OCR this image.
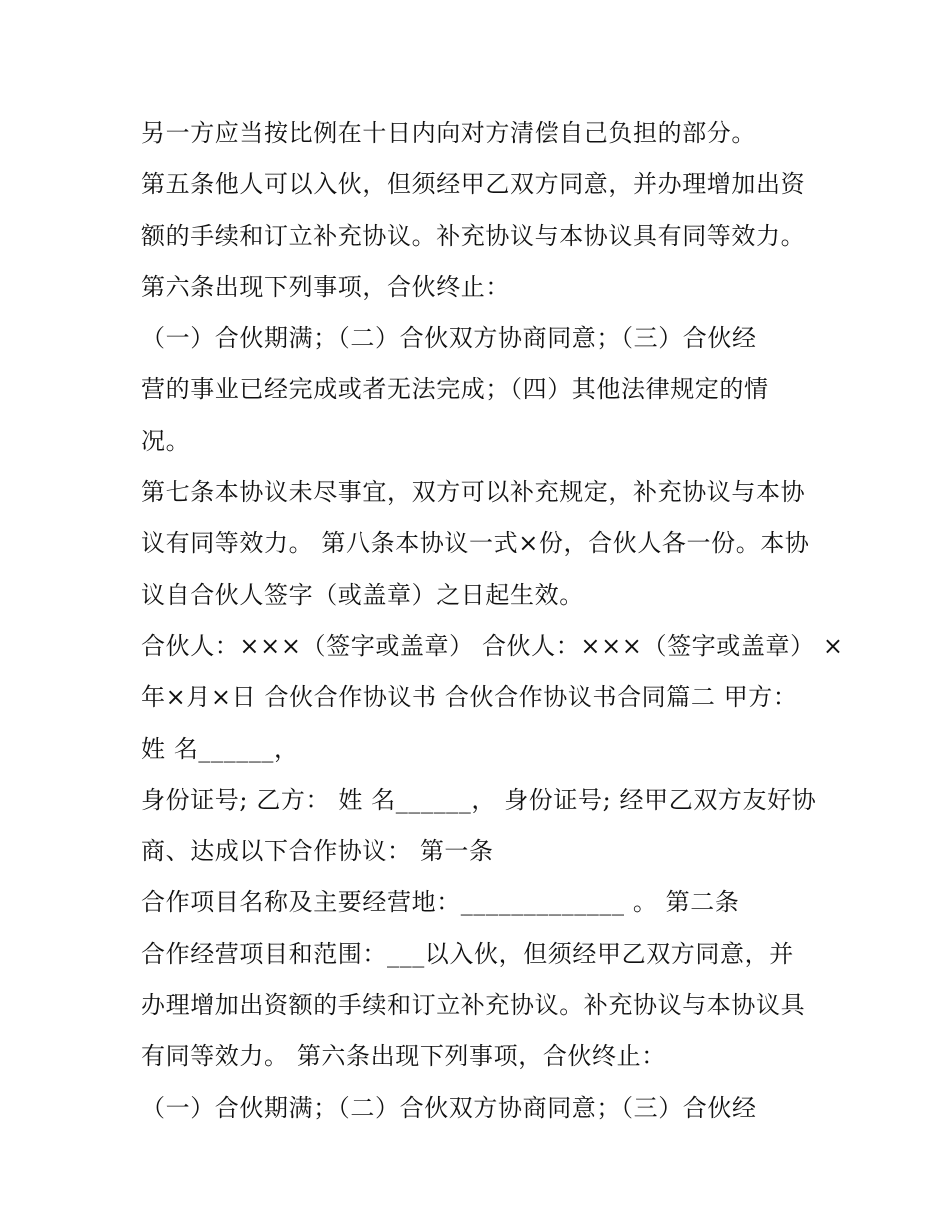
另一方应当按比例在十日内向对方清偿自己负担的部分。
第五条他人可以入伙，但须经甲乙双方同意，并办理增加出资
额的手续和订立补充协议。补充协议与本协议具有同等效力。
第六条出现下列事项，合伙终止：
（一）合伙期满；（二）合伙双方协商同意；（三）合伙经
营的事业已经完成或者无法完成；（四）其他法律规定的情
况。
第七条本协议未尽事宜，双方可以补充规定，补充协议与本协
议有同等效力。 第八条本协议一式×份，合伙人各一份。本协
议自合伙人签字（或盖章）之日起生效。
合伙人：×××（签字或盖章） 合伙人：×××（签字或盖章） ×
年×月×日 合伙合作协议书 合伙合作协议书合同篇二 甲方：
姓 名______，
身份证号; 乙方： 姓 名______， 身份证号; 经甲乙双方友好协
商、达成以下合作协议： 第一条
合作项目名称及主要经营地：_____________ 。 第二条
合作经营项目和范围：___以入伙，但须经甲乙双方同意，并
办理增加出资额的手续和订立补充协议。补充协议与本协议具
有同等效力。 第六条出现下列事项，合伙终止：
（一）合伙期满；（二）合伙双方协商同意；（三）合伙经
